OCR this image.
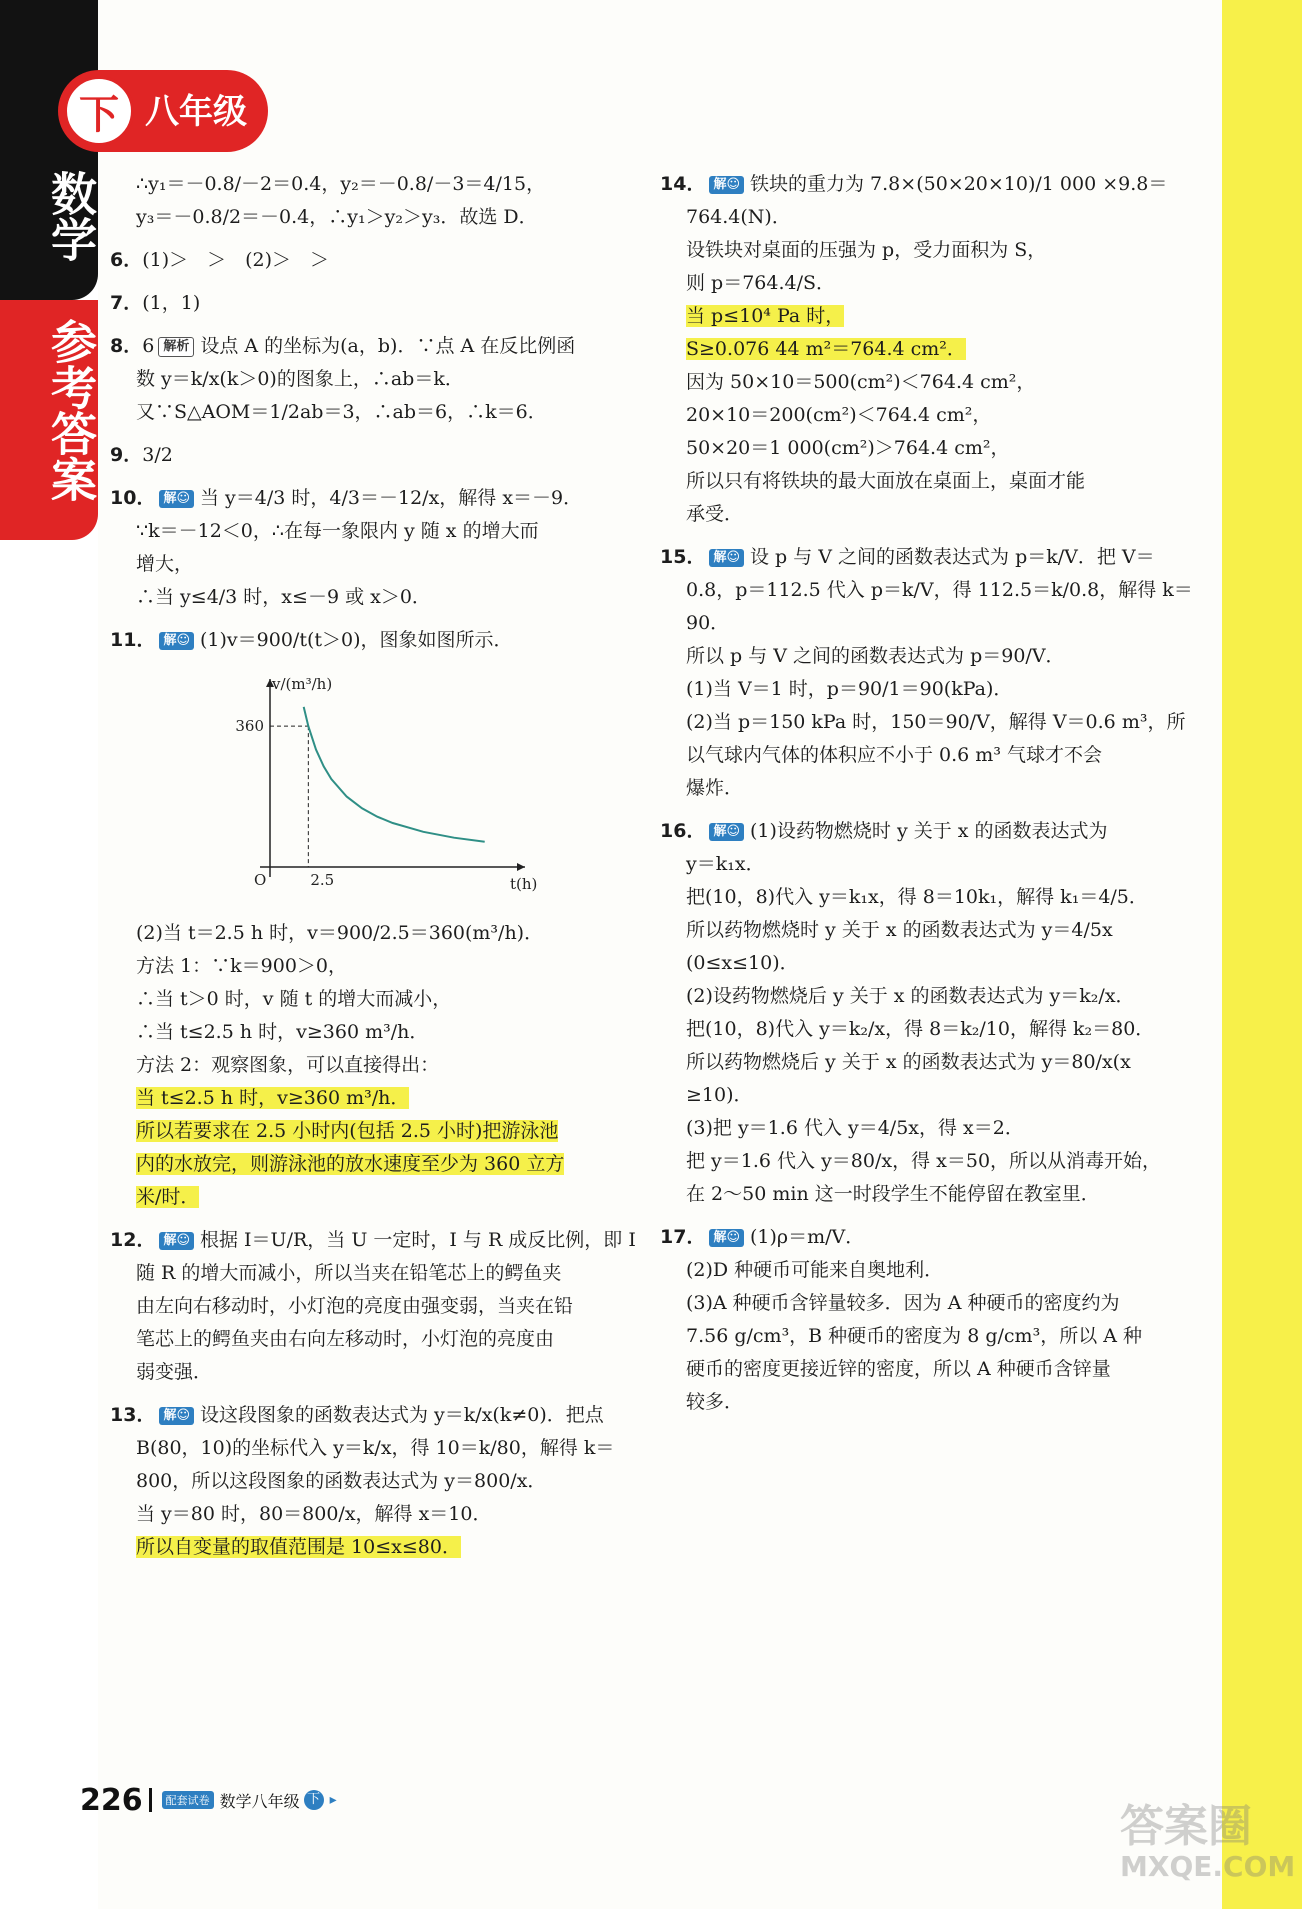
数学
参考答案
下 八年级
∴y₁＝－0.8/－2＝0.4，y₂＝－0.8/－3＝4/15，
y₃＝－0.8/2＝－0.4，∴y₁＞y₂＞y₃．故选 D．
6．(1)＞　＞　(2)＞　＞
7．(1，1)
8．6 解析 设点 A 的坐标为(a，b)．∵点 A 在反比例函
数 y＝k/x(k＞0)的图象上，∴ab＝k．
又∵S△AOM＝1/2ab＝3，∴ab＝6，∴k＝6．
9．3/2
10． 解☺ 当 y＝4/3 时，4/3＝－12/x，解得 x＝－9．
∵k＝－12＜0，∴在每一象限内 y 随 x 的增大而
增大，
∴当 y≤4/3 时，x≤－9 或 x＞0．
11． 解☺ (1)v＝900/t(t＞0)，图象如图所示．
v/(m³/h)
t(h)
O	2.5
360
(2)当 t＝2.5 h 时，v＝900/2.5＝360(m³/h)．
方法 1：∵k＝900＞0，
∴当 t＞0 时，v 随 t 的增大而减小，
∴当 t≤2.5 h 时，v≥360 m³/h．
方法 2：观察图象，可以直接得出：
当 t≤2.5 h 时，v≥360 m³/h．
所以若要求在 2.5 小时内(包括 2.5 小时)把游泳池
内的水放完，则游泳池的放水速度至少为 360 立方
米/时．
12． 解☺ 根据 I＝U/R，当 U 一定时，I 与 R 成反比例，即 I
随 R 的增大而减小，所以当夹在铅笔芯上的鳄鱼夹
由左向右移动时，小灯泡的亮度由强变弱，当夹在铅
笔芯上的鳄鱼夹由右向左移动时，小灯泡的亮度由
弱变强．
13． 解☺ 设这段图象的函数表达式为 y＝k/x(k≠0)．把点
B(80，10)的坐标代入 y＝k/x，得 10＝k/80，解得 k＝
800，所以这段图象的函数表达式为 y＝800/x．
当 y＝80 时，80＝800/x，解得 x＝10．
所以自变量的取值范围是 10≤x≤80．
14． 解☺ 铁块的重力为 7.8×(50×20×10)/1 000 ×9.8＝
764.4(N)．
设铁块对桌面的压强为 p，受力面积为 S，
则 p＝764.4/S．
当 p≤10⁴ Pa 时，
S≥0.076 44 m²＝764.4 cm²．
因为 50×10＝500(cm²)＜764.4 cm²，
20×10＝200(cm²)＜764.4 cm²，
50×20＝1 000(cm²)＞764.4 cm²，
所以只有将铁块的最大面放在桌面上，桌面才能
承受．
15． 解☺ 设 p 与 V 之间的函数表达式为 p＝k/V．把 V＝
0.8，p＝112.5 代入 p＝k/V，得 112.5＝k/0.8，解得 k＝
90．
所以 p 与 V 之间的函数表达式为 p＝90/V．
(1)当 V＝1 时，p＝90/1＝90(kPa)．
(2)当 p＝150 kPa 时，150＝90/V，解得 V＝0.6 m³，所
以气球内气体的体积应不小于 0.6 m³ 气球才不会
爆炸．
16． 解☺ (1)设药物燃烧时 y 关于 x 的函数表达式为
y＝k₁x．
把(10，8)代入 y＝k₁x，得 8＝10k₁，解得 k₁＝4/5．
所以药物燃烧时 y 关于 x 的函数表达式为 y＝4/5x
(0≤x≤10)．
(2)设药物燃烧后 y 关于 x 的函数表达式为 y＝k₂/x．
把(10，8)代入 y＝k₂/x，得 8＝k₂/10，解得 k₂＝80．
所以药物燃烧后 y 关于 x 的函数表达式为 y＝80/x(x
≥10)．
(3)把 y＝1.6 代入 y＝4/5x，得 x＝2．
把 y＝1.6 代入 y＝80/x，得 x＝50，所以从消毒开始，
在 2～50 min 这一时段学生不能停留在教室里．
17． 解☺ (1)ρ＝m/V．
(2)D 种硬币可能来自奥地利．
(3)A 种硬币含锌量较多．因为 A 种硬币的密度约为
7.56 g/cm³，B 种硬币的密度为 8 g/cm³，所以 A 种
硬币的密度更接近锌的密度，所以 A 种硬币含锌量
较多．
226	配套试卷 数学八年级 下 ▸
答案圈
MXQE.COM
